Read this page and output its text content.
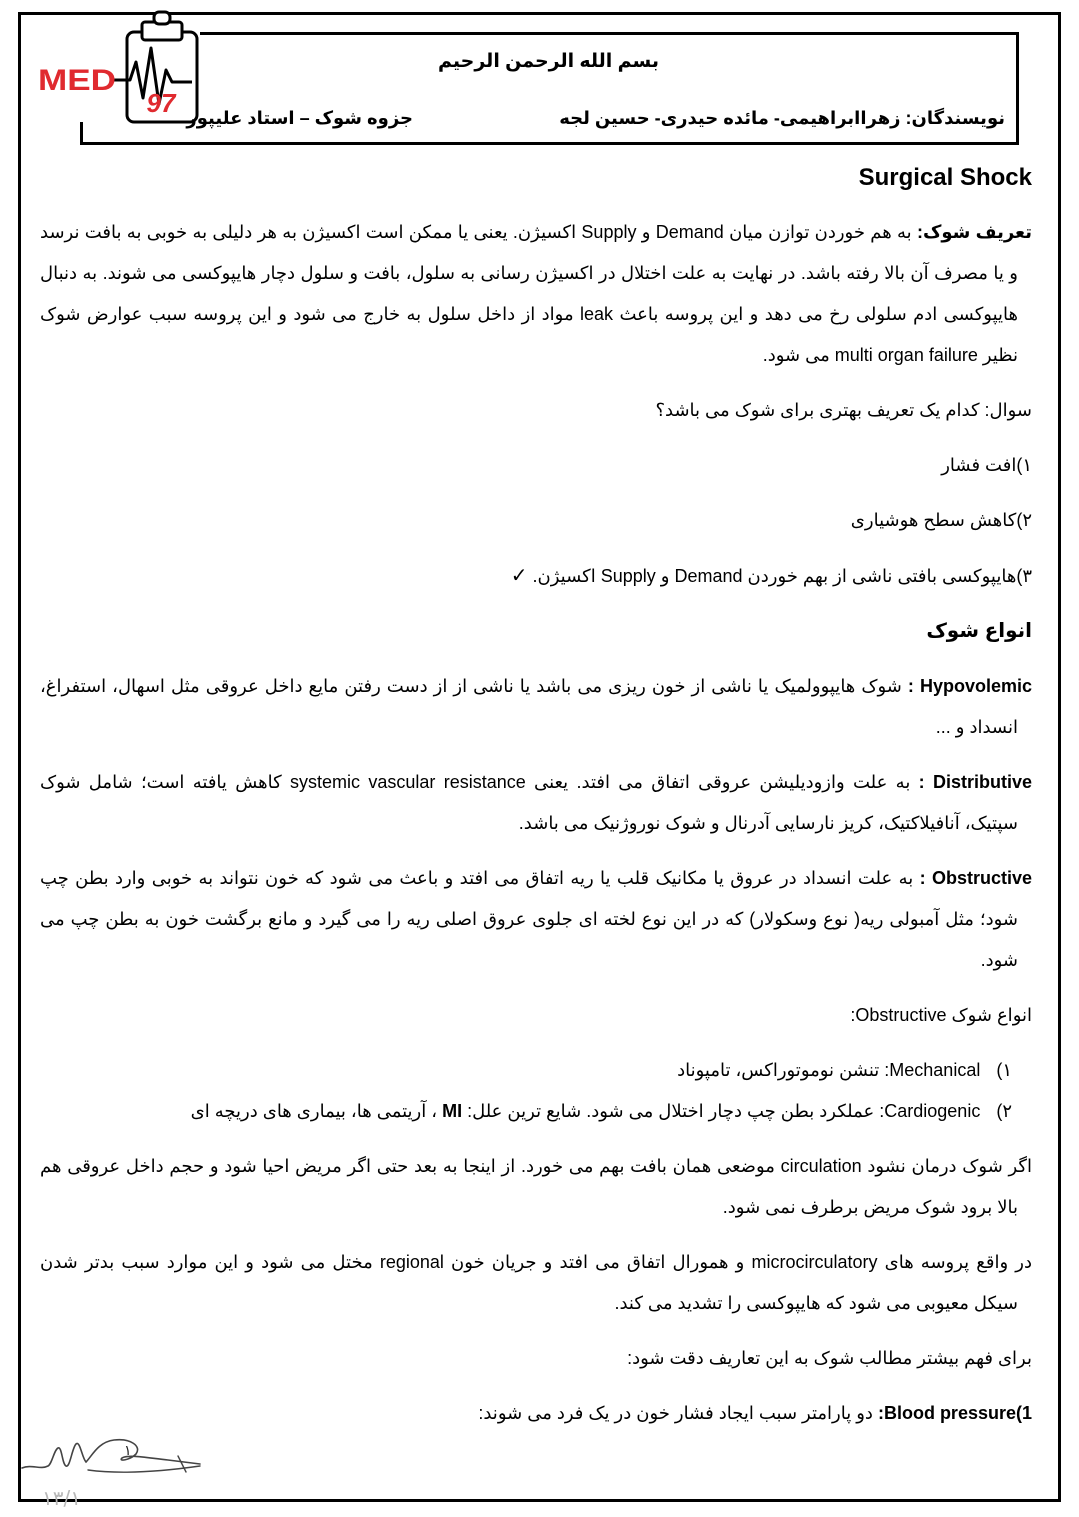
MED
97
بسم الله الرحمن الرحیم
نویسندگان: زهراابراهیمی- مائده حیدری- حسین لجه
جزوه شوک – استاد علیپور
Surgical Shock

تعریف شوک: به هم خوردن توازن میان Demand و Supply اکسیژن. یعنی یا ممکن است اکسیژن به هر دلیلی به خوبی به بافت نرسد و یا مصرف آن بالا رفته باشد. در نهایت به علت اختلال در اکسیژن رسانی به سلول، بافت و سلول دچار هایپوکسی می شوند. به دنبال هایپوکسی ادم سلولی رخ می دهد و این پروسه باعث leak مواد از داخل سلول به خارج می شود و این پروسه سبب عوارض شوک نظیر multi organ failure می شود.

سوال: کدام یک تعریف بهتری برای شوک می باشد؟

۱)افت فشار

۲)کاهش سطح هوشیاری

۳)هایپوکسی بافتی ناشی از بهم خوردن Demand و Supply اکسیژن. ✓

انواع شوک

Hypovolemic : شوک هایپوولمیک یا ناشی از خون ریزی می باشد یا ناشی از از دست رفتن مایع داخل عروقی مثل اسهال، استفراغ، انسداد و ...

Distributive : به علت وازودیلیشن عروقی اتفاق می افتد. یعنی systemic vascular resistance کاهش یافته است؛ شامل شوک سپتیک، آنافیلاکتیک، کریز نارسایی آدرنال و شوک نوروژنیک می باشد.

Obstructive : به علت انسداد در عروق یا مکانیک قلب یا ریه اتفاق می افتد و باعث می شود که خون نتواند به خوبی وارد بطن چپ شود؛ مثل آمبولی ریه( نوع وسکولار) که در این نوع لخته ای جلوی عروق اصلی ریه را می گیرد و مانع برگشت خون به بطن چپ می شود.

انواع شوک Obstructive:

۱)Mechanical: تنشن نوموتوراکس، تامپوناد
۲)Cardiogenic: عملکرد بطن چپ دچار اختلال می شود. شایع ترین علل: MI ، آریتمی ها، بیماری های دریچه ای

اگر شوک درمان نشود circulation موضعی همان بافت بهم می خورد. از اینجا به بعد حتی اگر مریض احیا شود و حجم داخل عروقی هم بالا برود شوک مریض برطرف نمی شود.

در واقع پروسه های microcirculatory و همورال اتفاق می افتد و جریان خون regional مختل می شود و این موارد سبب بدتر شدن سیکل معیوبی می شود که هایپوکسی را تشدید می کند.

برای فهم بیشتر مطالب شوک به این تعاریف دقت شود:

1)Blood pressure: دو پارامتر سبب ایجاد فشار خون در یک فرد می شوند:

۱
۱۳/۱
